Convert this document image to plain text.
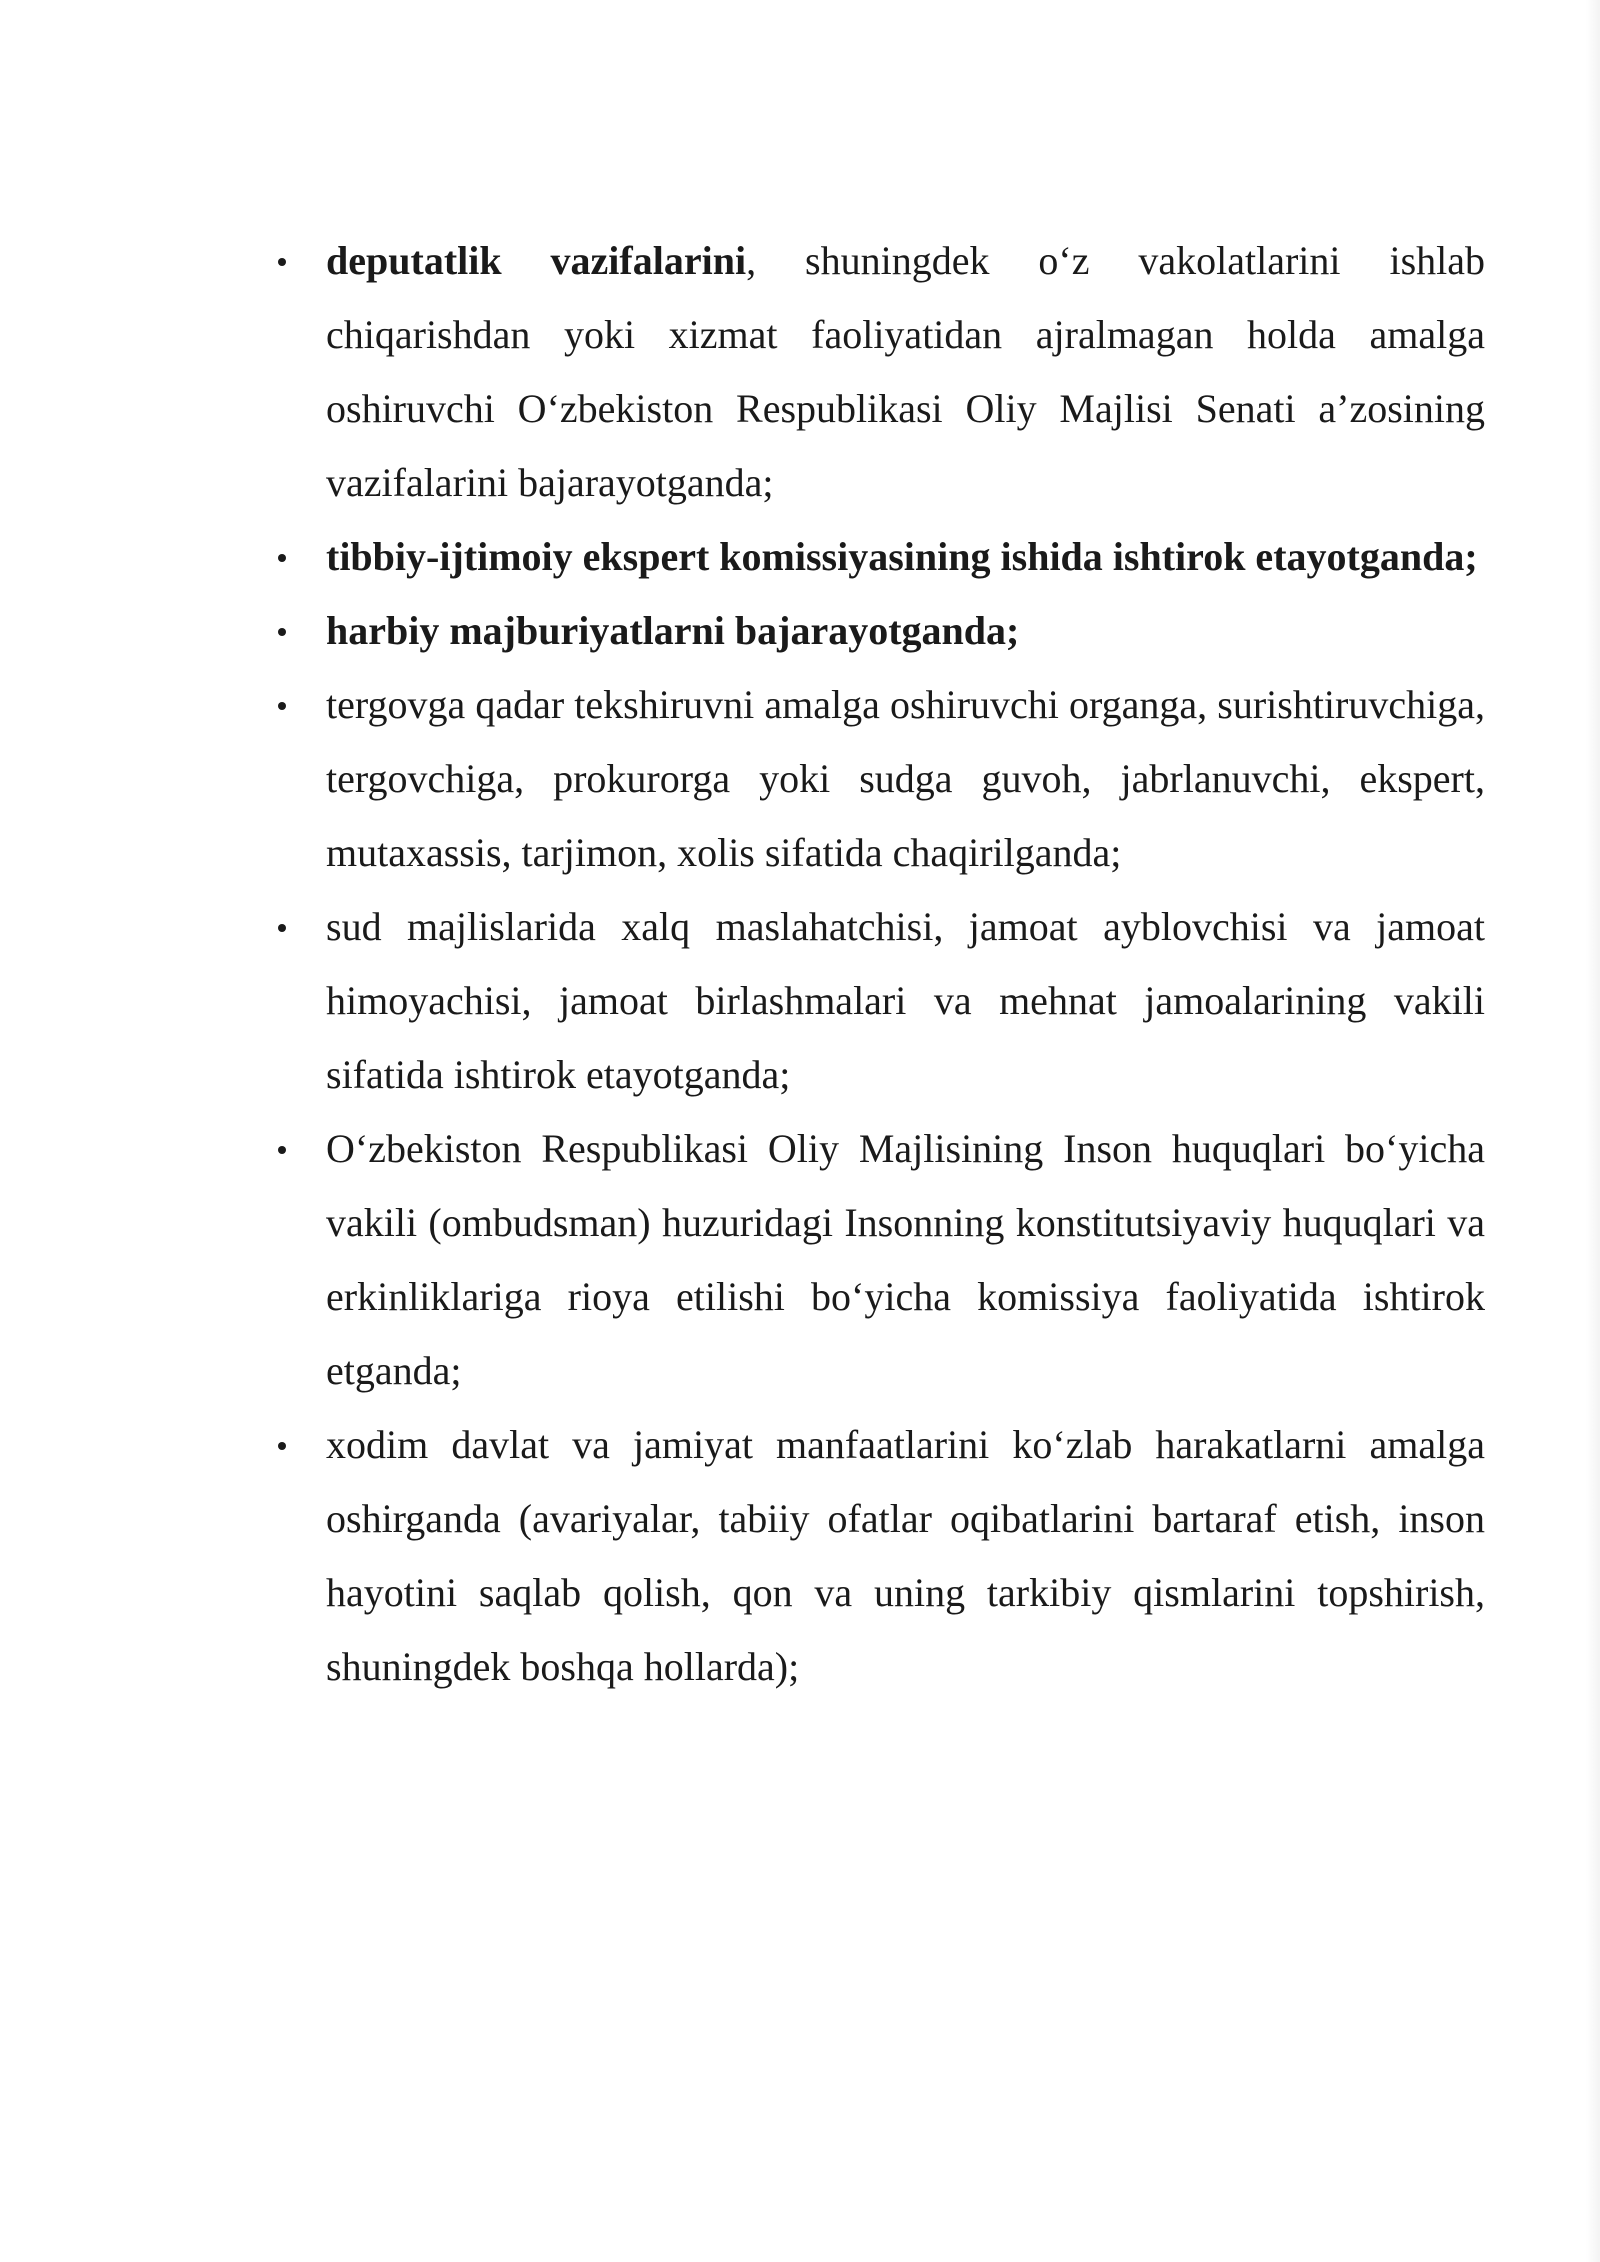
deputatlik vazifalarini, shuningdek o‘z vakolatlarini ishlab chiqarishdan yoki xizmat faoliyatidan ajralmagan holda amalga oshiruvchi O‘zbekiston Respublikasi Oliy Majlisi Senati a’zosining vazifalarini bajarayotganda;
tibbiy-ijtimoiy ekspert komissiyasining ishida ishtirok etayotganda;
harbiy majburiyatlarni bajarayotganda;
tergovga qadar tekshiruvni amalga oshiruvchi organga, surishtiruvchiga, tergovchiga, prokurorga yoki sudga guvoh, jabrlanuvchi, ekspert, mutaxassis, tarjimon, xolis sifatida chaqirilganda;
sud majlislarida xalq maslahatchisi, jamoat ayblovchisi va jamoat himoyachisi, jamoat birlashmalari va mehnat jamoalarining vakili sifatida ishtirok etayotganda;
O‘zbekiston Respublikasi Oliy Majlisining Inson huquqlari bo‘yicha vakili (ombudsman) huzuridagi Insonning konstitutsiyaviy huquqlari va erkinliklariga rioya etilishi bo‘yicha komissiya faoliyatida ishtirok etganda;
xodim davlat va jamiyat manfaatlarini ko‘zlab harakatlarni amalga oshirganda (avariyalar, tabiiy ofatlar oqibatlarini bartaraf etish, inson hayotini saqlab qolish, qon va uning tarkibiy qismlarini topshirish, shuningdek boshqa hollarda);
